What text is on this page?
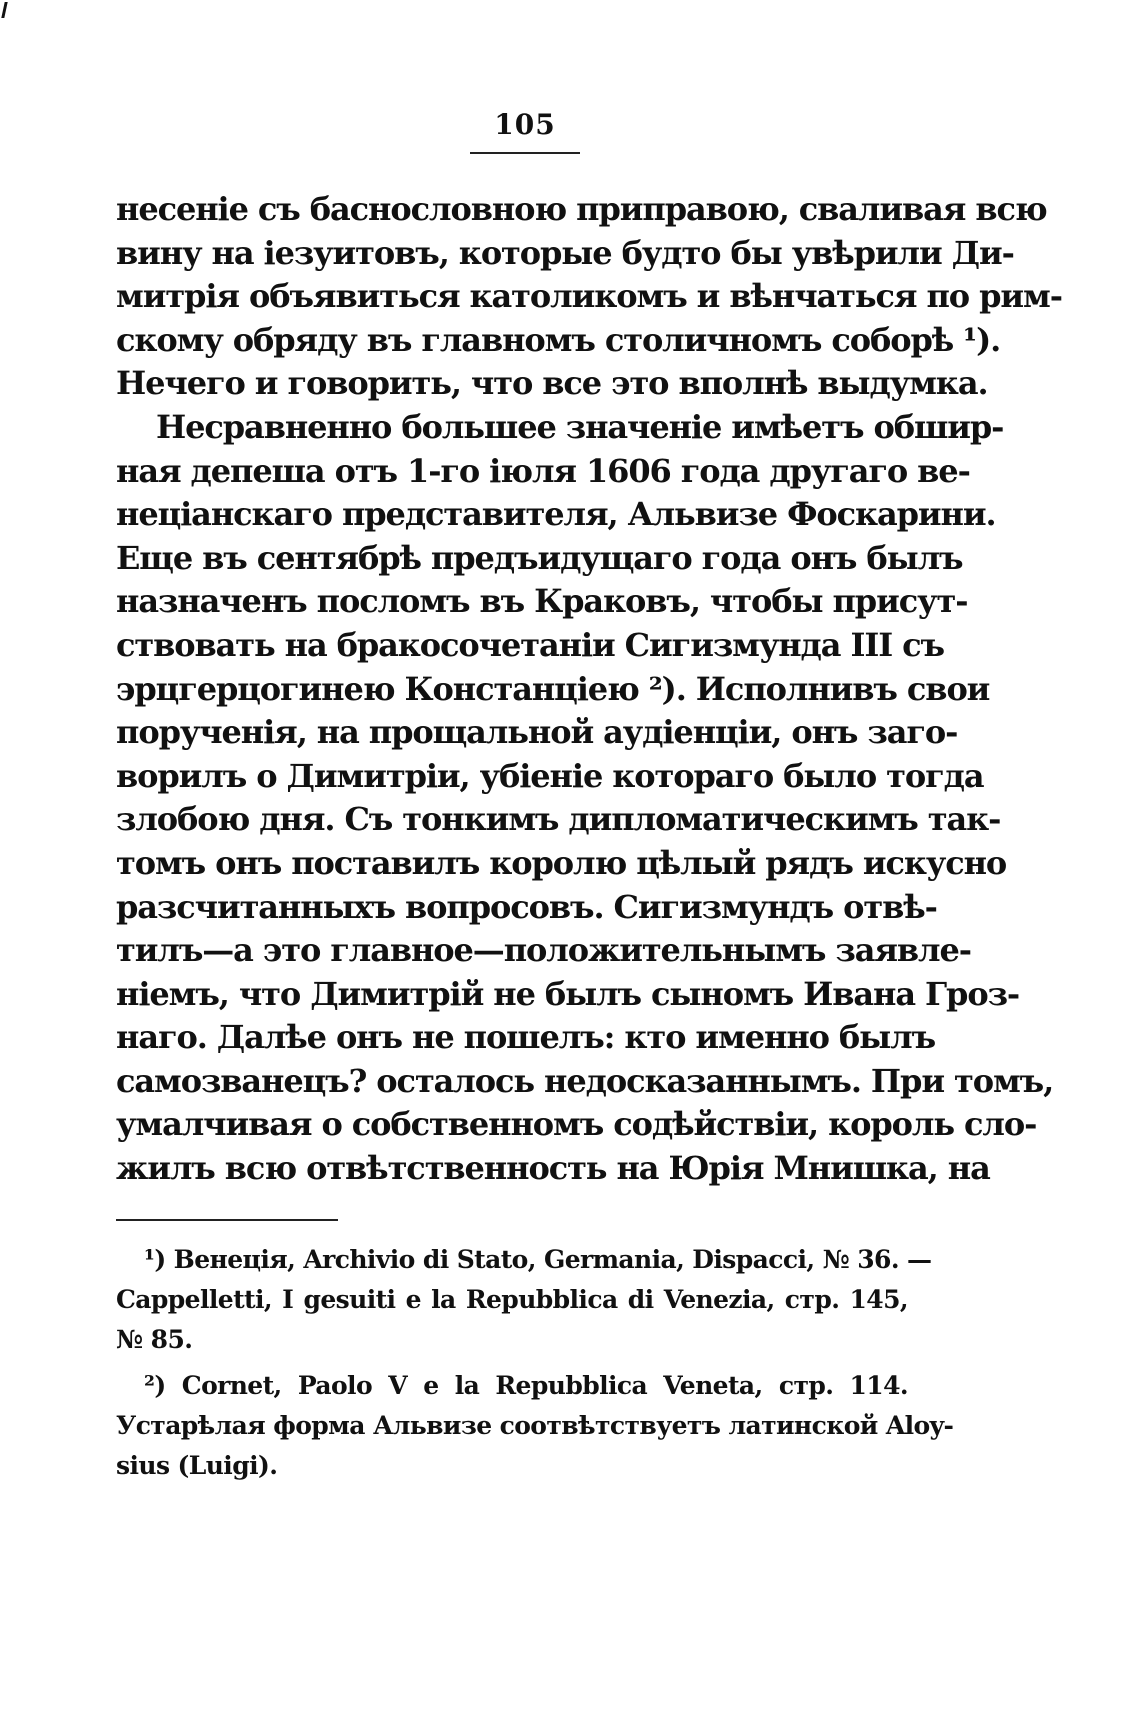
105
несенiе съ баснословною приправою, сваливая всю
вину на iезуитовъ, которые будто бы увѣрили Ди-
митрiя объявиться католикомъ и вѣнчаться по рим-
скому обряду въ главномъ столичномъ соборѣ ¹).
Нечего и говорить, что все это вполнѣ выдумка.
Несравненно большее значенiе имѣетъ обшир-
ная депеша отъ 1-го iюля 1606 года другаго ве-
нецiанскаго представителя, Альвизе Фоскарини.
Еще въ сентябрѣ предъидущаго года онъ былъ
назначенъ посломъ въ Краковъ, чтобы присут-
ствовать на бракосочетанiи Сигизмунда III съ
эрцгерцогинею Констанцiею ²). Исполнивъ свои
порученiя, на прощальной аудiенцiи, онъ заго-
ворилъ о Димитрiи, убiенiе котораго было тогда
злобою дня. Съ тонкимъ дипломатическимъ так-
томъ онъ поставилъ королю цѣлый рядъ искусно
разсчитанныхъ вопросовъ. Сигизмундъ отвѣ-
тилъ—а это главное—положительнымъ заявле-
нiемъ, что Димитрiй не былъ сыномъ Ивана Гроз-
наго. Далѣе онъ не пошелъ: кто именно былъ
самозванецъ? осталось недосказаннымъ. При томъ,
умалчивая о собственномъ содѣйствiи, король сло-
жилъ всю отвѣтственность на Юрiя Мнишка, на
¹) Венецiя, Archivio di Stato, Germania, Dispacci, № 36. —
Cappelletti, I gesuiti e la Repubblica di Venezia, стр. 145,
№ 85.
²) Cornet, Paolo V e la Repubblica Veneta, стр. 114.
Устарѣлая форма Альвизе соотвѣтствуетъ латинской Aloy-
sius (Luigi).
